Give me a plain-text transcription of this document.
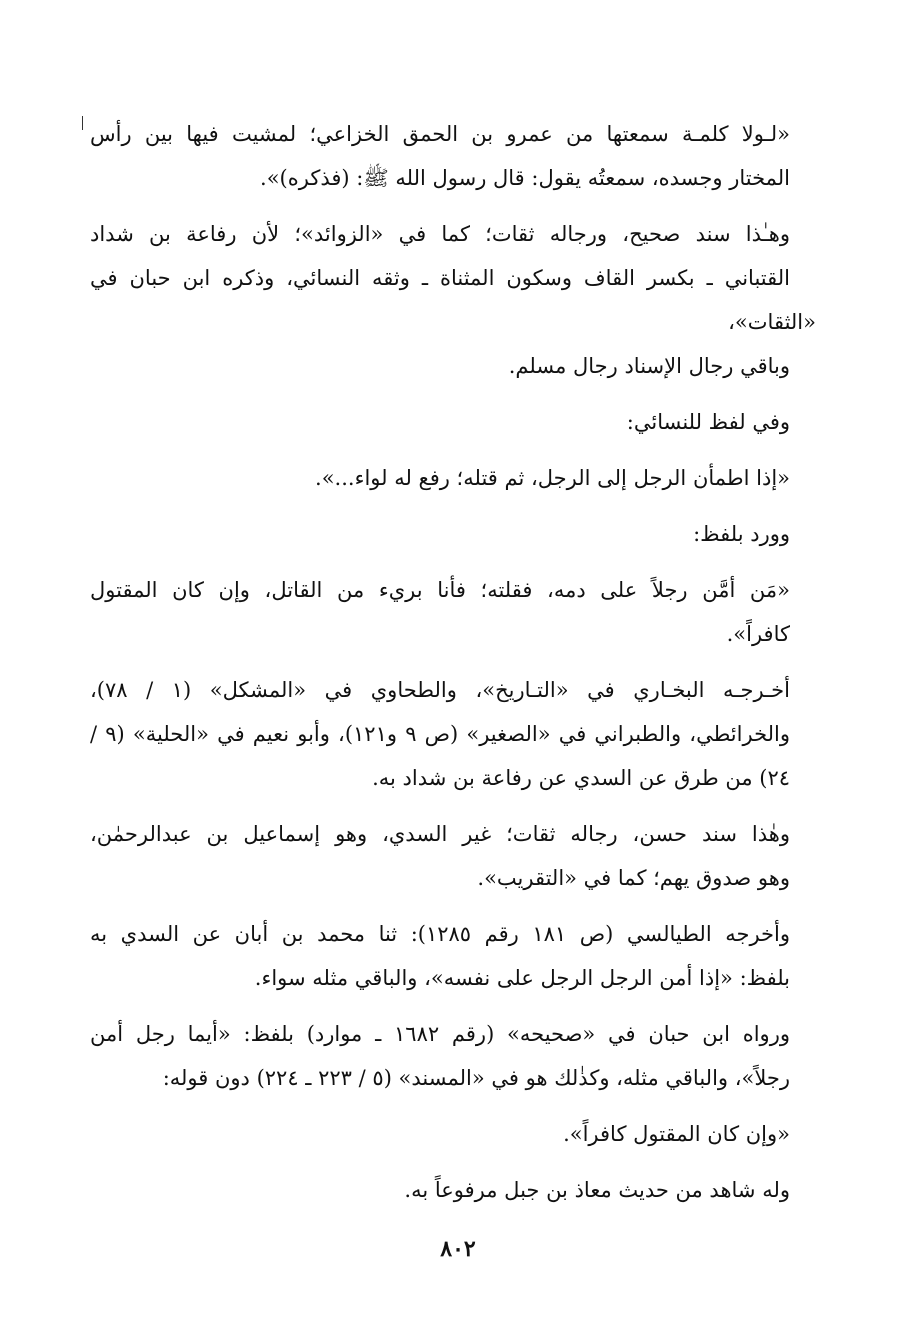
«لـولا كلمـة سمعتها من عمرو بن الحمق الخزاعي؛ لمشيت فيها بين رأس
المختار وجسده، سمعتُه يقول: قال رسول الله ﷺ: (فذكره)».
وهـٰذا سند صحيح، ورجاله ثقات؛ كما في «الزوائد»؛ لأن رفاعة بن شداد
القتباني ـ بكسر القاف وسكون المثناة ـ وثقه النسائي، وذكره ابن حبان في «الثقات»،
وباقي رجال الإسناد رجال مسلم.
وفي لفظ للنسائي:
«إذا اطمأن الرجل إلى الرجل، ثم قتله؛ رفع له لواء...».
وورد بلفظ:
«مَن أمَّن رجلاً على دمه، فقلته؛ فأنا بريء من القاتل، وإن كان المقتول
كافراً».
أخـرجـه البخـاري في «التـاريخ»، والطحاوي في «المشكل» (١ / ٧٨)،
والخرائطي، والطبراني في «الصغير» (ص ٩ و١٢١)، وأبو نعيم في «الحلية» (٩ /
٢٤) من طرق عن السدي عن رفاعة بن شداد به.
وهٰذا سند حسن، رجاله ثقات؛ غير السدي، وهو إسماعيل بن عبدالرحمٰن،
وهو صدوق يهم؛ كما في «التقريب».
وأخرجه الطيالسي (ص ١٨١ رقم ١٢٨٥): ثنا محمد بن أبان عن السدي به
بلفظ: «إذا أمن الرجل الرجل على نفسه»، والباقي مثله سواء.
ورواه ابن حبان في «صحيحه» (رقم ١٦٨٢ ـ موارد) بلفظ: «أيما رجل أمن
رجلاً»، والباقي مثله، وكذٰلك هو في «المسند» (٥ / ٢٢٣ ـ ٢٢٤) دون قوله:
«وإن كان المقتول كافراً».
وله شاهد من حديث معاذ بن جبل مرفوعاً به.
٨٠٢
